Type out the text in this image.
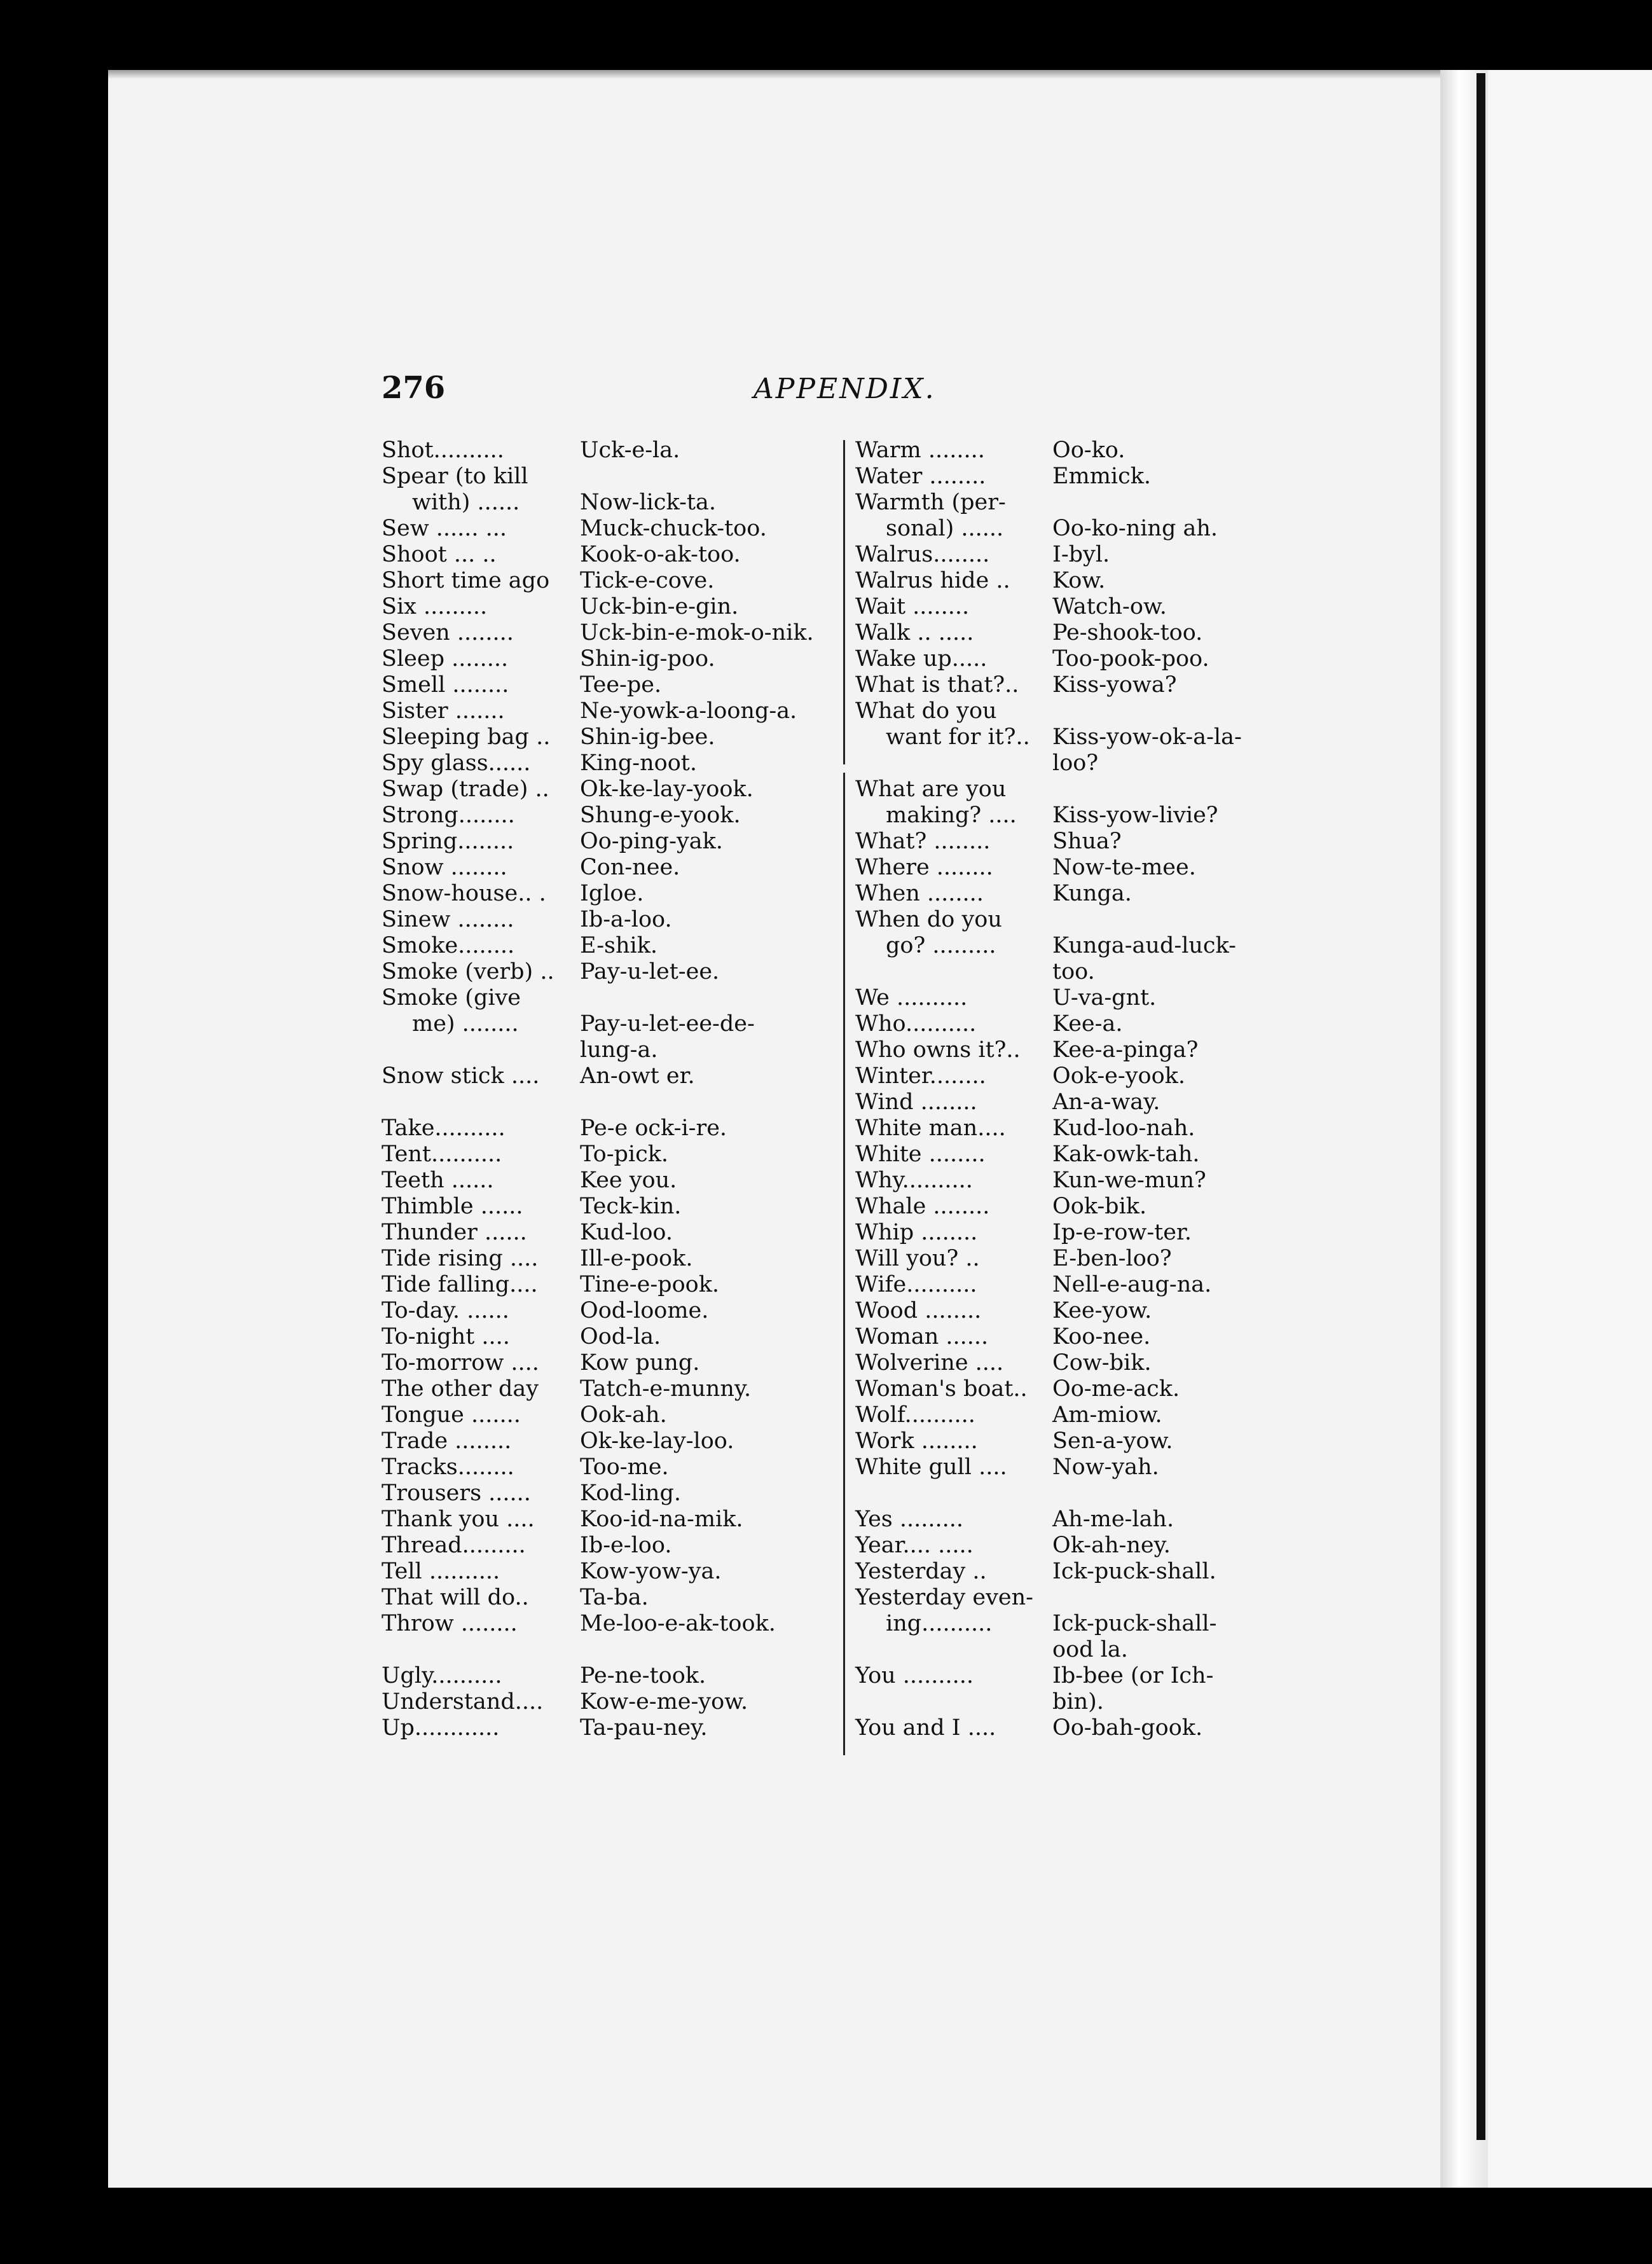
276	APPENDIX.
Shot..........	Uck-e-la.
Spear (to kill
with) ......	Now-lick-ta.
Sew ...... ...	Muck-chuck-too.
Shoot ... ..	Kook-o-ak-too.
Short time ago Tick-e-cove.
Six .........	Uck-bin-e-gin.
Seven ........	Uck-bin-e-mok-o-nik.
Sleep ........	Shin-ig-poo.
Smell ........	Tee-pe.
Sister .......	Ne-yowk-a-loong-a.
Sleeping bag .. Shin-ig-bee.
Spy glass...... King-noot.
Swap (trade) .. Ok-ke-lay-yook.
Strong........	Shung-e-yook.
Spring........	Oo-ping-yak.
Snow ........	Con-nee.
Snow-house.. . Igloe.
Sinew ........	Ib-a-loo.
Smoke........	E-shik.
Smoke (verb) .. Pay-u-let-ee.
Smoke (give
me) ........	Pay-u-let-ee-de-
lung-a.
Snow stick .... An-owt er.
Take..........	Pe-e ock-i-re.
Tent..........	To-pick.
Teeth ......	Kee you.
Thimble ......	Teck-kin.
Thunder ...... Kud-loo.
Tide rising .... Ill-e-pook.
Tide falling.... Tine-e-pook.
To-day. ......	Ood-loome.
To-night ....	Ood-la.
To-morrow .... Kow pung.
The other day Tatch-e-munny.
Tongue .......	Ook-ah.
Trade ........	Ok-ke-lay-loo.
Tracks........	Too-me.
Trousers ...... Kod-ling.
Thank you .... Koo-id-na-mik.
Thread......... Ib-e-loo.
Tell ..........	Kow-yow-ya.
That will do.. Ta-ba.
Throw ........	Me-loo-e-ak-took.
Ugly..........	Pe-ne-took.
Understand.... Kow-e-me-yow.
Up............	Ta-pau-ney.
Warm ........	Oo-ko.
Water ........	Emmick.
Warmth (per-
sonal) ...... Oo-ko-ning ah.
Walrus........	I-byl.
Walrus hide .. Kow.
Wait ........	Watch-ow.
Walk .. .....	Pe-shook-too.
Wake up.....	Too-pook-poo.
What is that?.. Kiss-yowa?
What do you
want for it?.. Kiss-yow-ok-a-la-
loo?
What are you
making? .... Kiss-yow-livie?
What? ........	Shua?
Where ........	Now-te-mee.
When ........	Kunga.
When do you
go? .........	Kunga-aud-luck-
too.
We ..........	U-va-gnt.
Who..........	Kee-a.
Who owns it?.. Kee-a-pinga?
Winter........	Ook-e-yook.
Wind ........	An-a-way.
White man.... Kud-loo-nah.
White ........	Kak-owk-tah.
Why..........	Kun-we-mun?
Whale ........	Ook-bik.
Whip ........	Ip-e-row-ter.
Will you? ..	E-ben-loo?
Wife..........	Nell-e-aug-na.
Wood ........	Kee-yow.
Woman ......	Koo-nee.
Wolverine .... Cow-bik.
Woman's boat.. Oo-me-ack.
Wolf..........	Am-miow.
Work ........	Sen-a-yow.
White gull .... Now-yah.
Yes .........	Ah-me-lah.
Year.... .....	Ok-ah-ney.
Yesterday ..	Ick-puck-shall.
Yesterday even-
ing..........	Ick-puck-shall-
ood la.
You ..........	Ib-bee (or Ich-
bin).
You and I ....	Oo-bah-gook.
